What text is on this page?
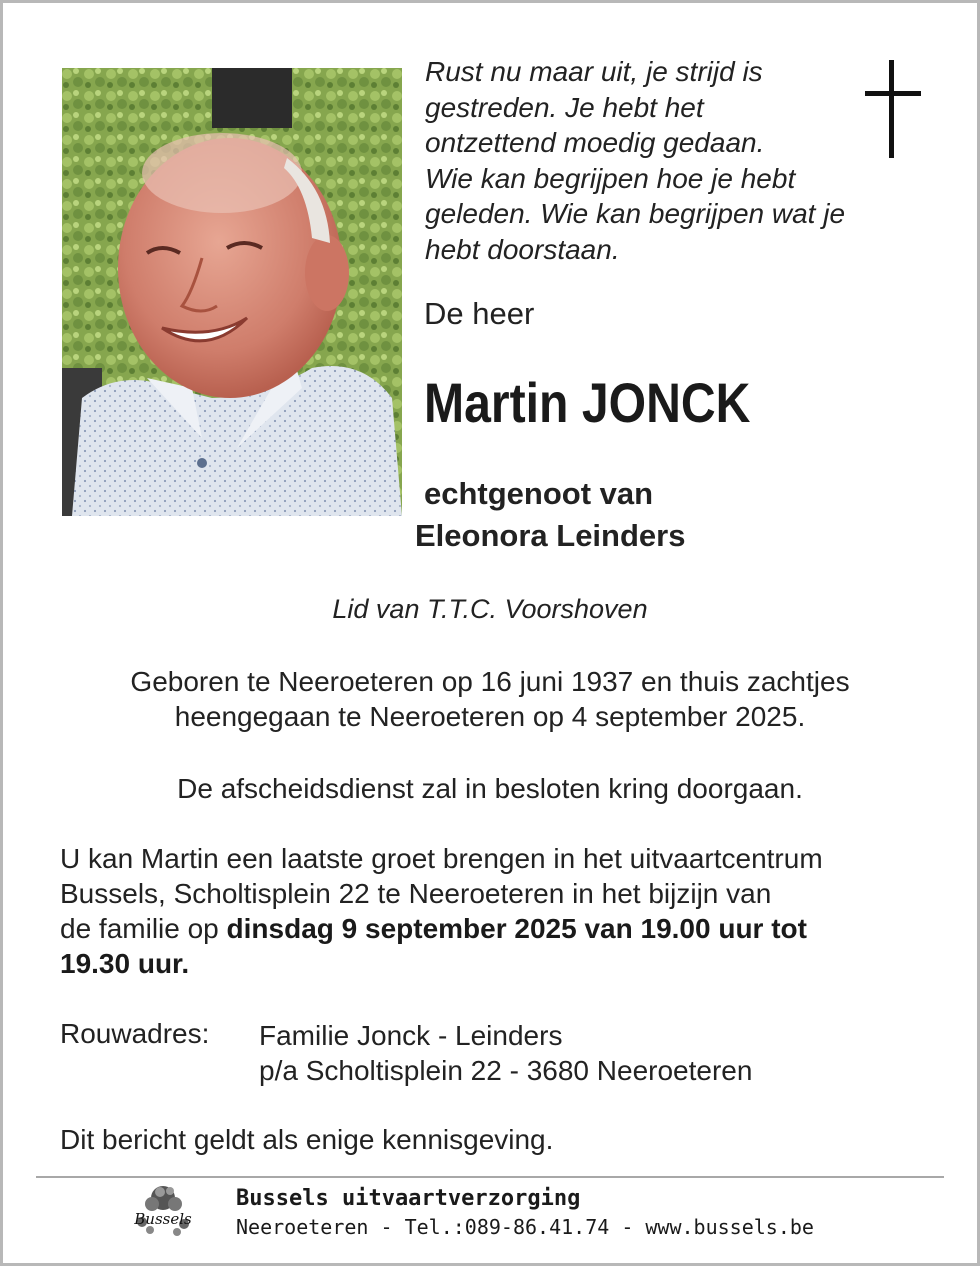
Rust nu maar uit, je strijd is
gestreden. Je hebt het
ontzettend moedig gedaan.
Wie kan begrijpen hoe je hebt
geleden. Wie kan begrijpen wat je
hebt doorstaan.
De heer
Martin JONCK
echtgenoot van
Eleonora Leinders
Lid van T.T.C. Voorshoven
Geboren te Neeroeteren op 16 juni 1937 en thuis zachtjes
heengegaan te Neeroeteren op 4 september 2025.
De afscheidsdienst zal in besloten kring doorgaan.
U kan Martin een laatste groet brengen in het uitvaartcentrum
Bussels, Scholtisplein 22 te Neeroeteren in het bijzijn van
de familie op dinsdag 9 september 2025 van 19.00 uur tot
19.30 uur.
Rouwadres: Familie Jonck - Leinders
p/a Scholtisplein 22 - 3680 Neeroeteren
Dit bericht geldt als enige kennisgeving.
Bussels
Bussels uitvaartverzorging
Neeroeteren - Tel.:089-86.41.74 - www.bussels.be
